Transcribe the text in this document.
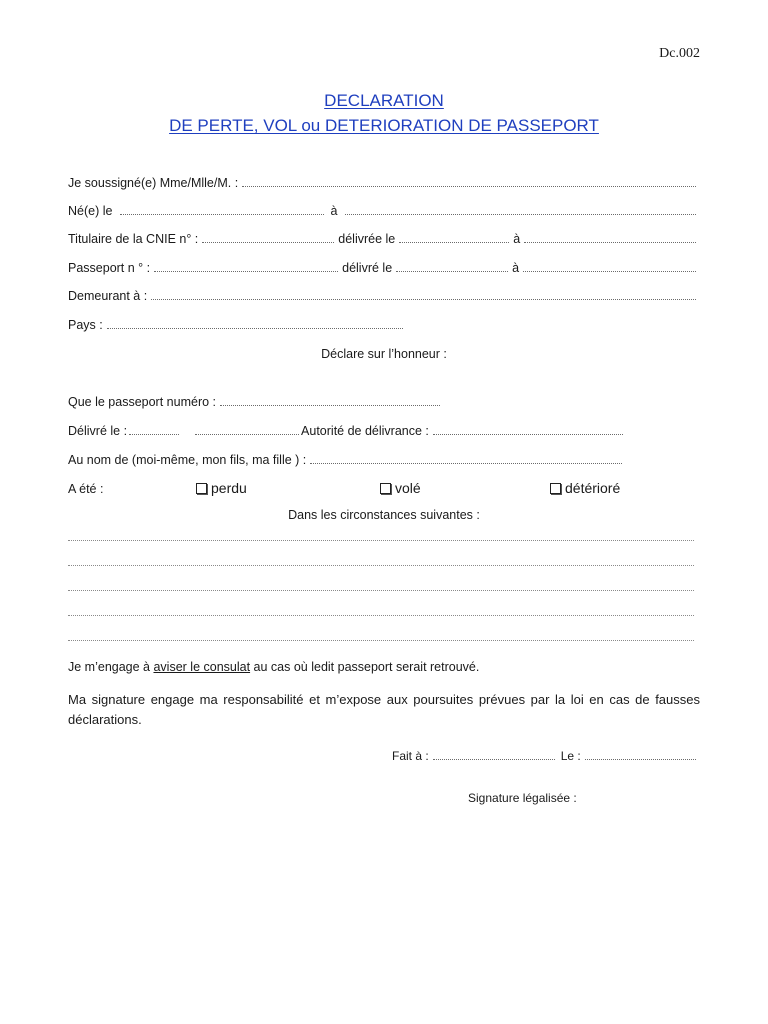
Dc.002
DECLARATION
DE PERTE, VOL ou DETERIORATION DE PASSEPORT
Je soussigné(e) Mme/Mlle/M. :
Né(e) le	à
Titulaire de la CNIE n° :	délivrée le	à
Passeport n ° :	délivré le	à
Demeurant à :
Pays :
Déclare sur l’honneur :
Que le passeport numéro :
Délivré le :	Autorité de délivrance :
Au nom de (moi-même, mon fils, ma fille ) :
A été :	perdu	volé	détérioré
Dans les circonstances suivantes :
Je m’engage à aviser le consulat au cas où ledit passeport serait retrouvé.
Ma signature engage ma responsabilité et m’expose aux poursuites prévues par la loi en cas de fausses déclarations.
Fait à :	Le :
Signature légalisée :
